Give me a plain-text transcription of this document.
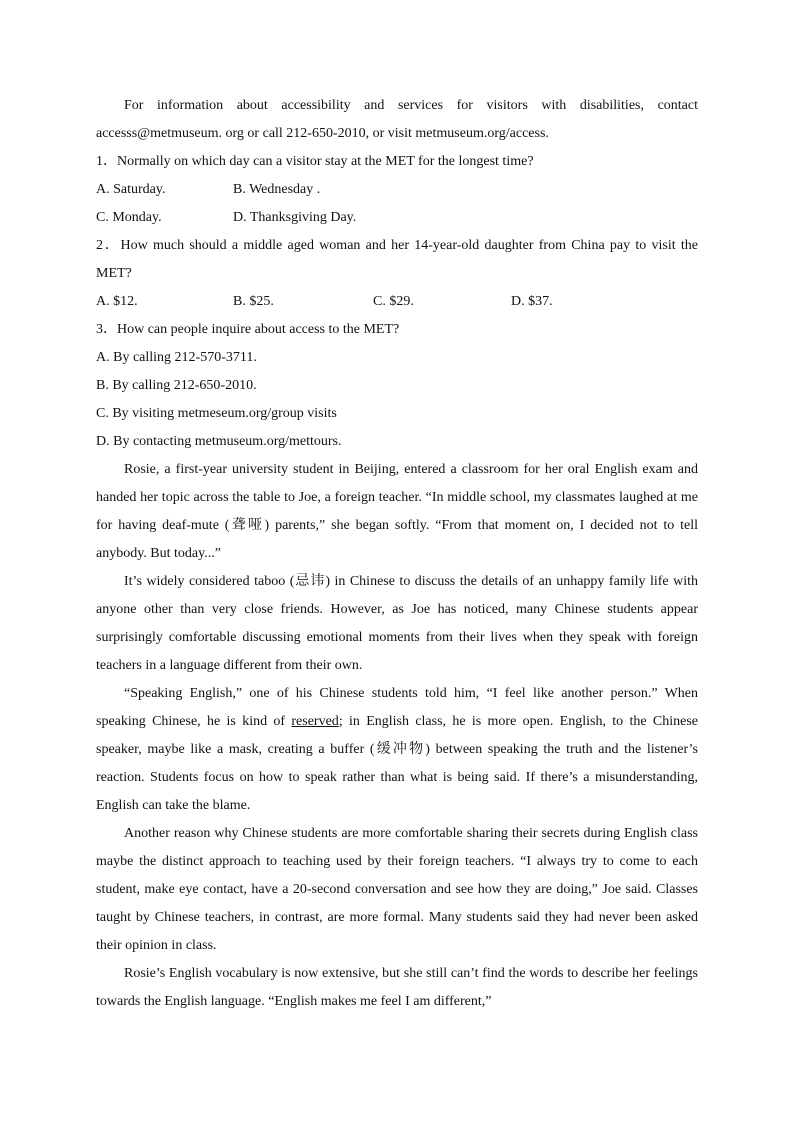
For information about accessibility and services for visitors with disabilities, contact accesss@metmuseum. org or call 212-650-2010, or visit metmuseum.org/access.

1．Normally on which day can a visitor stay at the MET for the longest time?

A. Saturday.	B. Wednesday .
C. Monday.	D. Thanksgiving Day.

2．How much should a middle aged woman and her 14-year-old daughter from China pay to visit the MET?

A. $12.	B. $25.	C. $29.	D. $37.

3．How can people inquire about access to the MET?

A. By calling 212-570-3711.

B. By calling 212-650-2010.

C. By visiting metmeseum.org/group visits

D. By contacting metmuseum.org/mettours.

Rosie, a first-year university student in Beijing, entered a classroom for her oral English exam and handed her topic across the table to Joe, a foreign teacher. “In middle school, my classmates laughed at me for having deaf-mute (聋哑) parents,” she began softly. “From that moment on, I decided not to tell anybody. But today...”

It’s widely considered taboo (忌讳) in Chinese to discuss the details of an unhappy family life with anyone other than very close friends. However, as Joe has noticed, many Chinese students appear surprisingly comfortable discussing emotional moments from their lives when they speak with foreign teachers in a language different from their own.

“Speaking English,” one of his Chinese students told him, “I feel like another person.” When speaking Chinese, he is kind of reserved; in English class, he is more open. English, to the Chinese speaker, maybe like a mask, creating a buffer (缓冲物) between speaking the truth and the listener’s reaction. Students focus on how to speak rather than what is being said. If there’s a misunderstanding, English can take the blame.

Another reason why Chinese students are more comfortable sharing their secrets during English class maybe the distinct approach to teaching used by their foreign teachers. “I always try to come to each student, make eye contact, have a 20-second conversation and see how they are doing,” Joe said. Classes taught by Chinese teachers, in contrast, are more formal. Many students said they had never been asked their opinion in class.

Rosie’s English vocabulary is now extensive, but she still can’t find the words to describe her feelings towards the English language. “English makes me feel I am different,”
